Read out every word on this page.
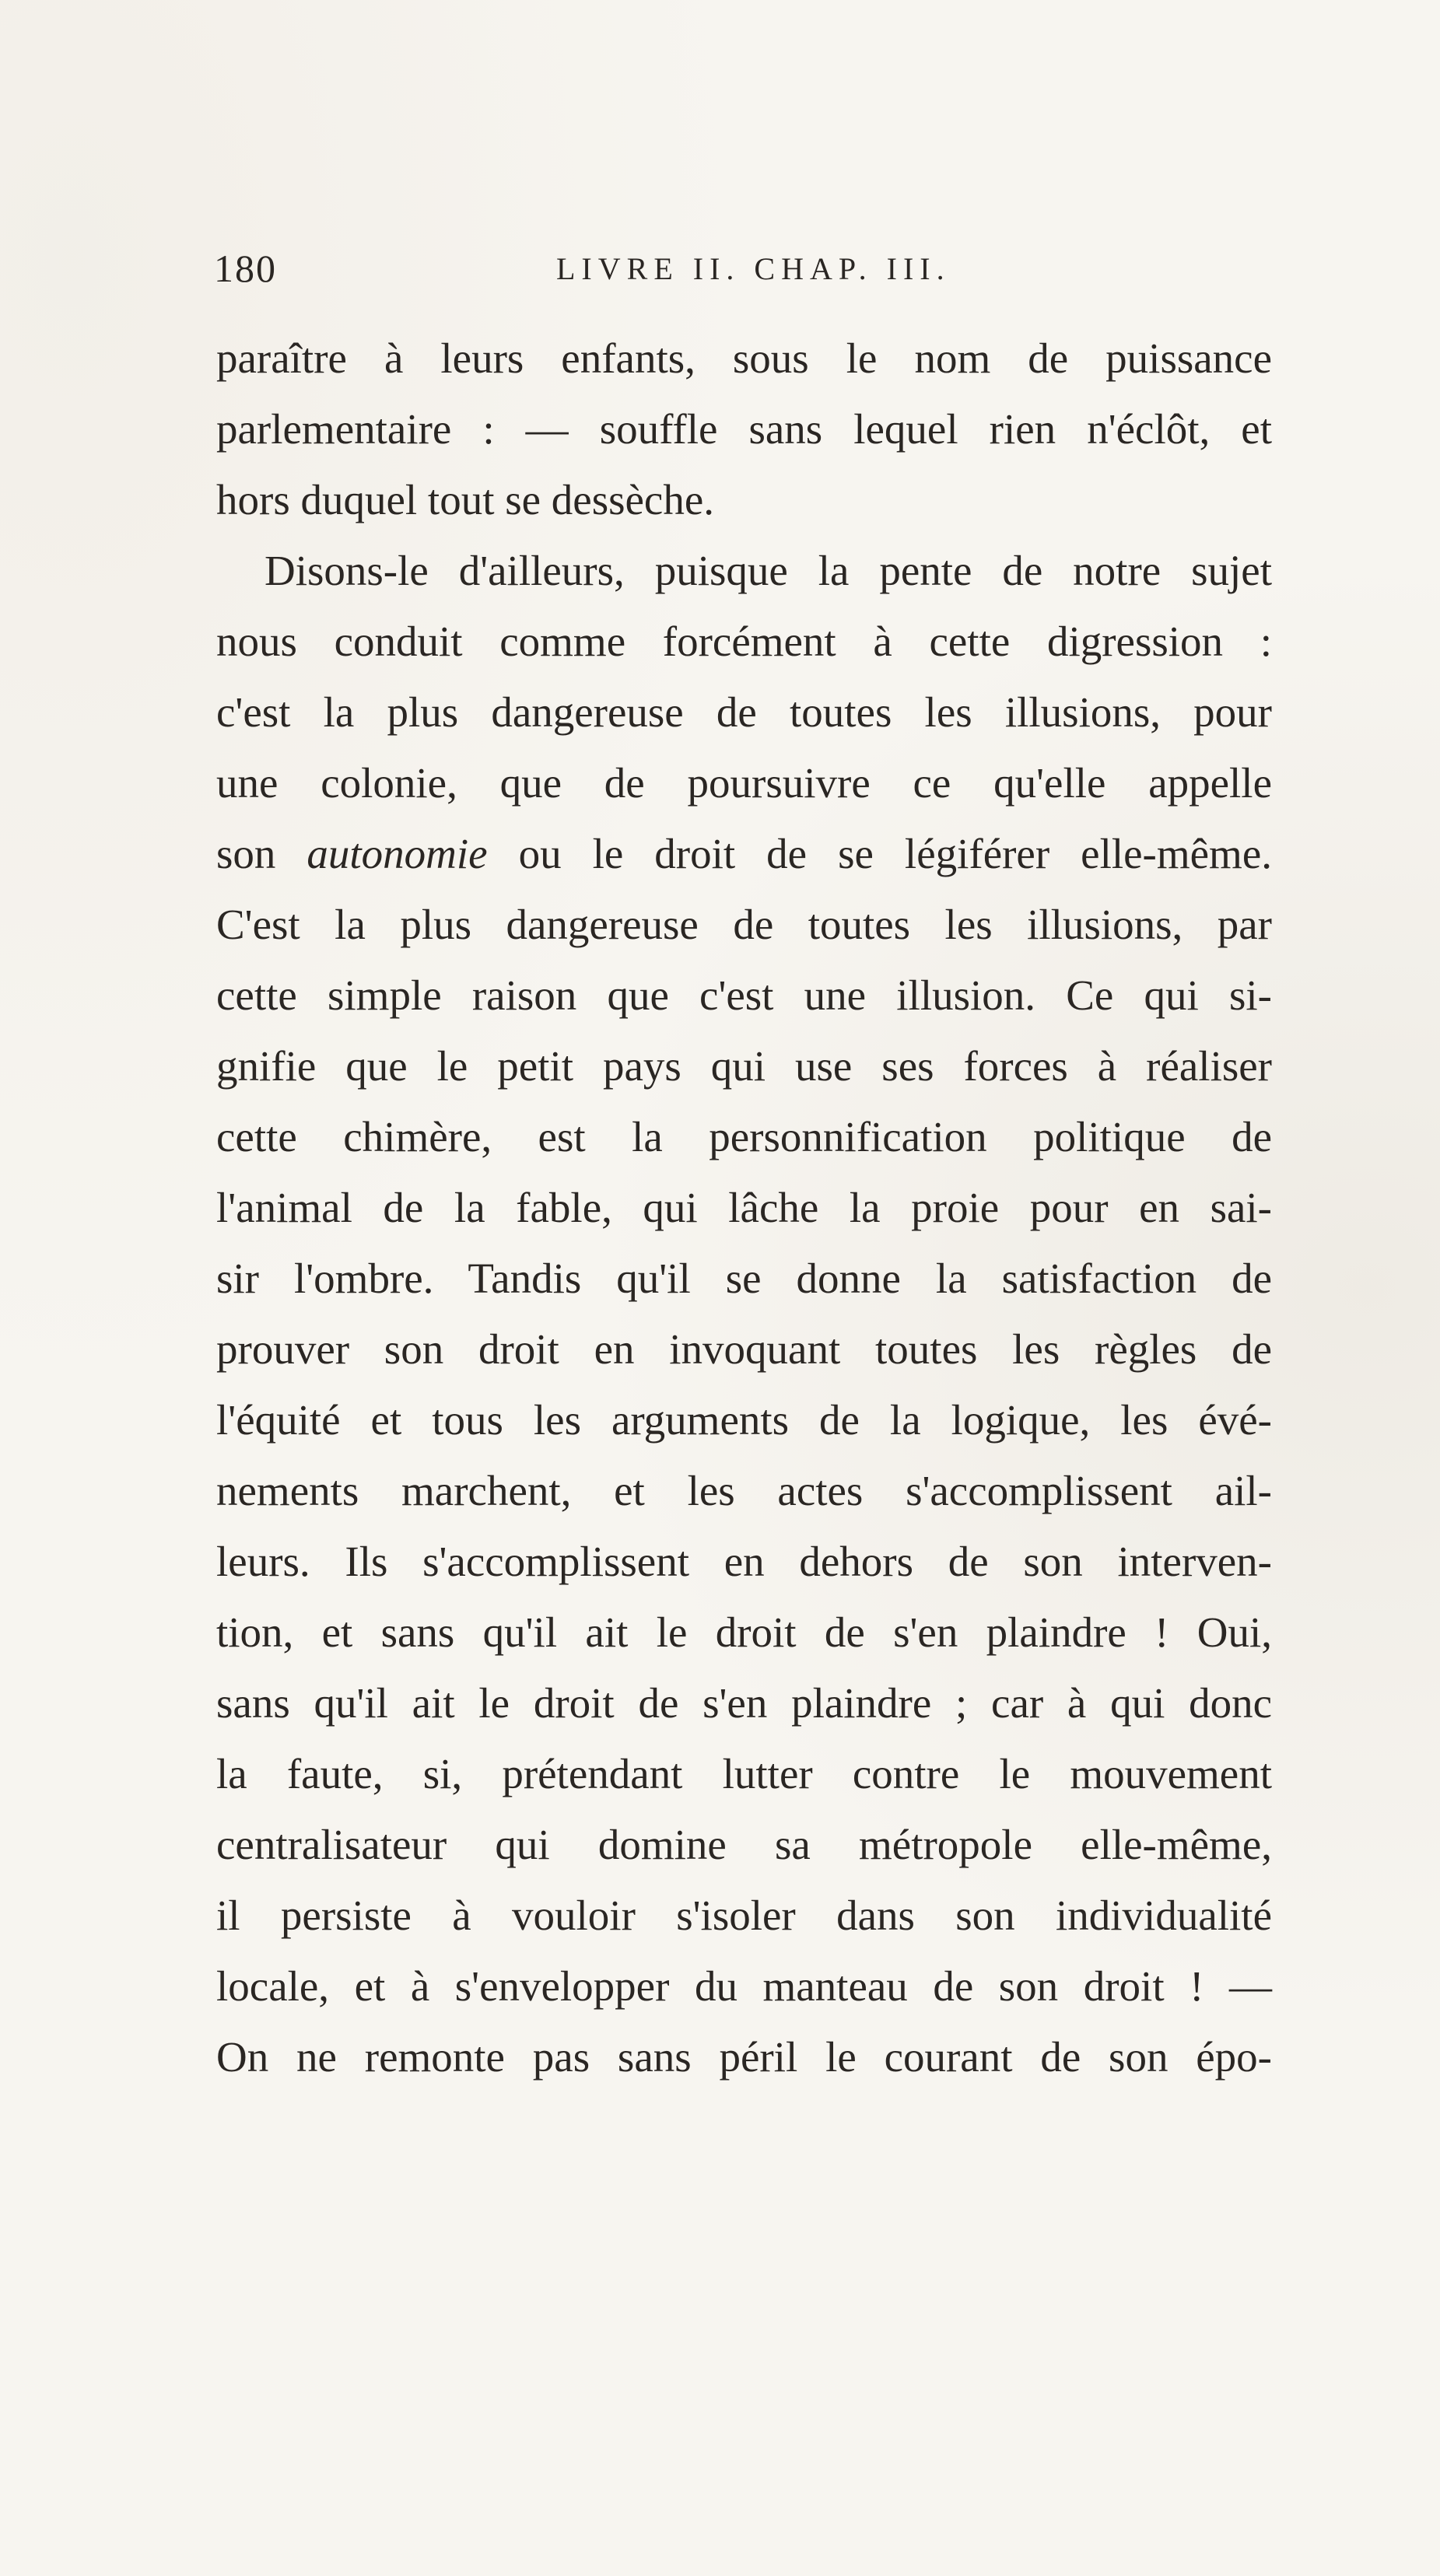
180	LIVRE II. CHAP. III.
paraître à leurs enfants, sous le nom de puissance
parlementaire : — souffle sans lequel rien n'éclôt, et
hors duquel tout se dessèche.
Disons-le d'ailleurs, puisque la pente de notre sujet
nous conduit comme forcément à cette digression :
c'est la plus dangereuse de toutes les illusions, pour
une colonie, que de poursuivre ce qu'elle appelle
son autonomie ou le droit de se légiférer elle-même.
C'est la plus dangereuse de toutes les illusions, par
cette simple raison que c'est une illusion. Ce qui si-
gnifie que le petit pays qui use ses forces à réaliser
cette chimère, est la personnification politique de
l'animal de la fable, qui lâche la proie pour en sai-
sir l'ombre. Tandis qu'il se donne la satisfaction de
prouver son droit en invoquant toutes les règles de
l'équité et tous les arguments de la logique, les évé-
nements marchent, et les actes s'accomplissent ail-
leurs. Ils s'accomplissent en dehors de son interven-
tion, et sans qu'il ait le droit de s'en plaindre ! Oui,
sans qu'il ait le droit de s'en plaindre ; car à qui donc
la faute, si, prétendant lutter contre le mouvement
centralisateur qui domine sa métropole elle-même,
il persiste à vouloir s'isoler dans son individualité
locale, et à s'envelopper du manteau de son droit ! —
On ne remonte pas sans péril le courant de son épo-
